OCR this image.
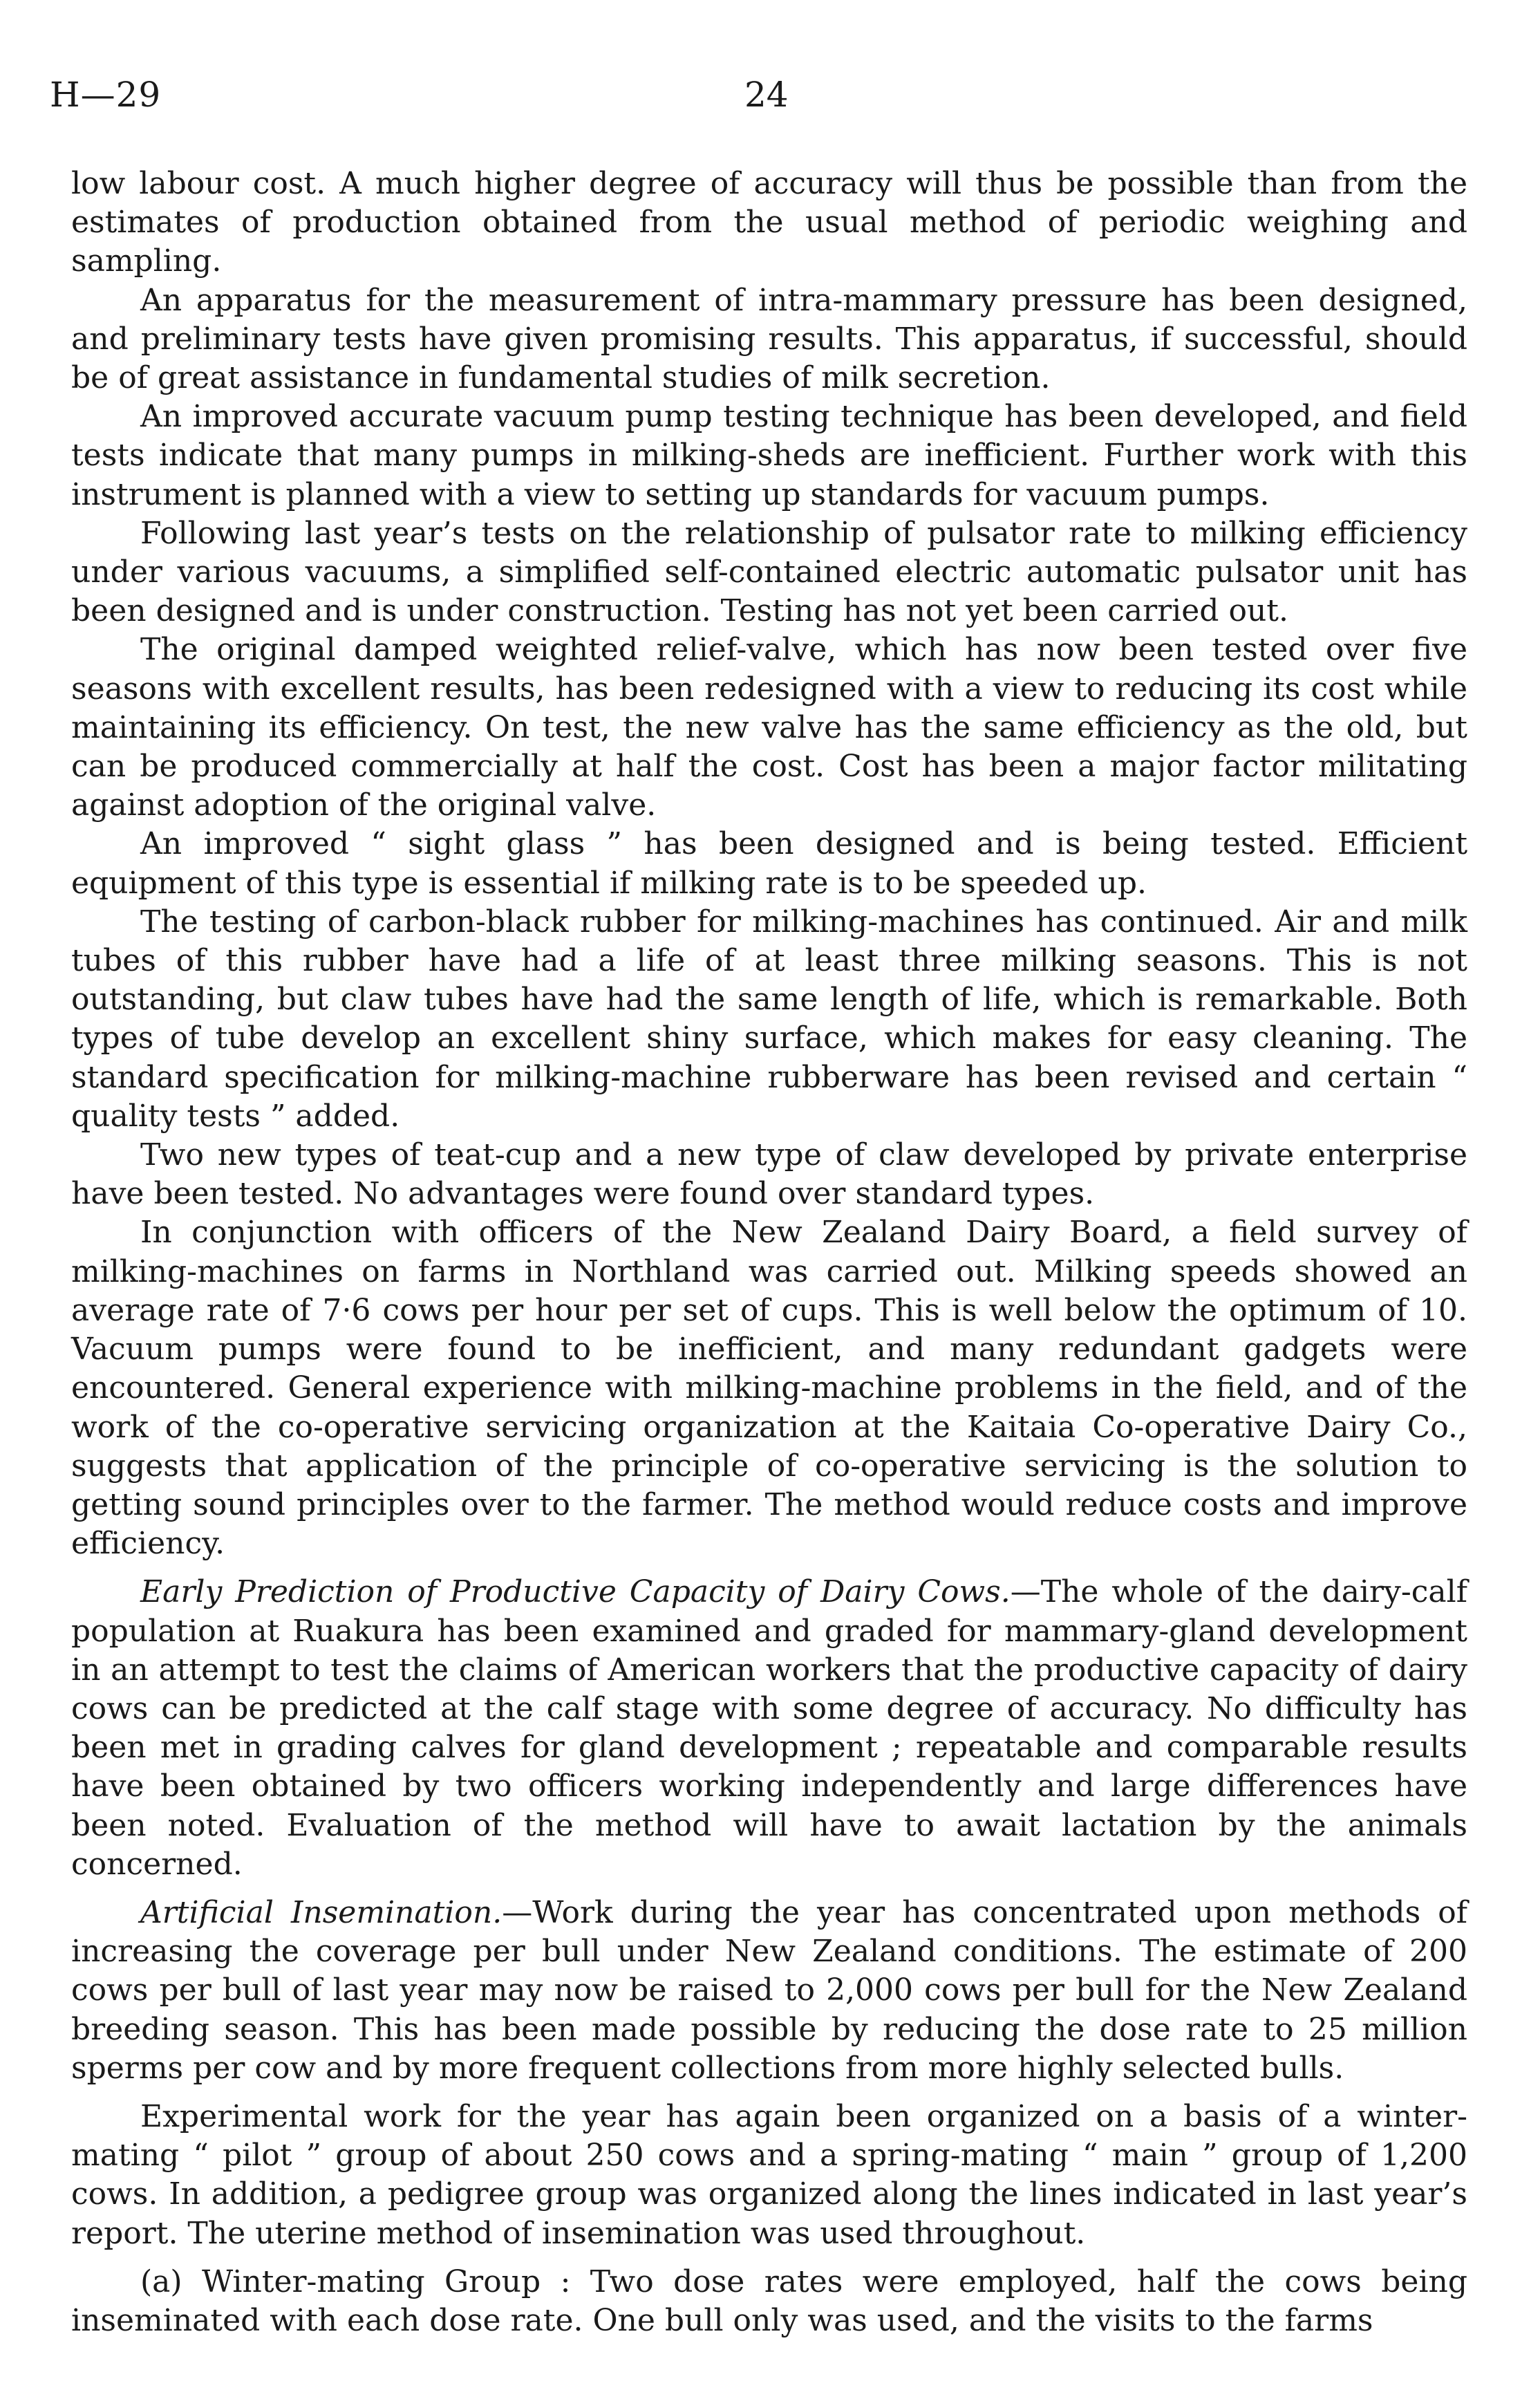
H—29	24

low labour cost. A much higher degree of accuracy will thus be possible than from the estimates of production obtained from the usual method of periodic weighing and sampling.

An apparatus for the measurement of intra-mammary pressure has been designed, and preliminary tests have given promising results. This apparatus, if successful, should be of great assistance in fundamental studies of milk secretion.

An improved accurate vacuum pump testing technique has been developed, and field tests indicate that many pumps in milking-sheds are inefficient. Further work with this instrument is planned with a view to setting up standards for vacuum pumps.

Following last year’s tests on the relationship of pulsator rate to milking efficiency under various vacuums, a simplified self-contained electric automatic pulsator unit has been designed and is under construction. Testing has not yet been carried out.

The original damped weighted relief-valve, which has now been tested over five seasons with excellent results, has been redesigned with a view to reducing its cost while maintaining its efficiency. On test, the new valve has the same efficiency as the old, but can be produced commercially at half the cost. Cost has been a major factor militating against adoption of the original valve.

An improved “ sight glass ” has been designed and is being tested. Efficient equipment of this type is essential if milking rate is to be speeded up.

The testing of carbon-black rubber for milking-machines has continued. Air and milk tubes of this rubber have had a life of at least three milking seasons. This is not outstanding, but claw tubes have had the same length of life, which is remarkable. Both types of tube develop an excellent shiny surface, which makes for easy cleaning. The standard specification for milking-machine rubberware has been revised and certain “ quality tests ” added.

Two new types of teat-cup and a new type of claw developed by private enterprise have been tested. No advantages were found over standard types.

In conjunction with officers of the New Zealand Dairy Board, a field survey of milking-machines on farms in Northland was carried out. Milking speeds showed an average rate of 7·6 cows per hour per set of cups. This is well below the optimum of 10. Vacuum pumps were found to be inefficient, and many redundant gadgets were encountered. General experience with milking-machine problems in the field, and of the work of the co-operative servicing organization at the Kaitaia Co-operative Dairy Co., suggests that application of the principle of co-operative servicing is the solution to getting sound principles over to the farmer. The method would reduce costs and improve efficiency.

Early Prediction of Productive Capacity of Dairy Cows.—The whole of the dairy-calf population at Ruakura has been examined and graded for mammary-gland development in an attempt to test the claims of American workers that the productive capacity of dairy cows can be predicted at the calf stage with some degree of accuracy. No difficulty has been met in grading calves for gland development ; repeatable and comparable results have been obtained by two officers working independently and large differences have been noted. Evaluation of the method will have to await lactation by the animals concerned.

Artificial Insemination.—Work during the year has concentrated upon methods of increasing the coverage per bull under New Zealand conditions. The estimate of 200 cows per bull of last year may now be raised to 2,000 cows per bull for the New Zealand breeding season. This has been made possible by reducing the dose rate to 25 million sperms per cow and by more frequent collections from more highly selected bulls.

Experimental work for the year has again been organized on a basis of a winter-mating “ pilot ” group of about 250 cows and a spring-mating “ main ” group of 1,200 cows. In addition, a pedigree group was organized along the lines indicated in last year’s report. The uterine method of insemination was used throughout.

(a) Winter-mating Group : Two dose rates were employed, half the cows being inseminated with each dose rate. One bull only was used, and the visits to the farms
